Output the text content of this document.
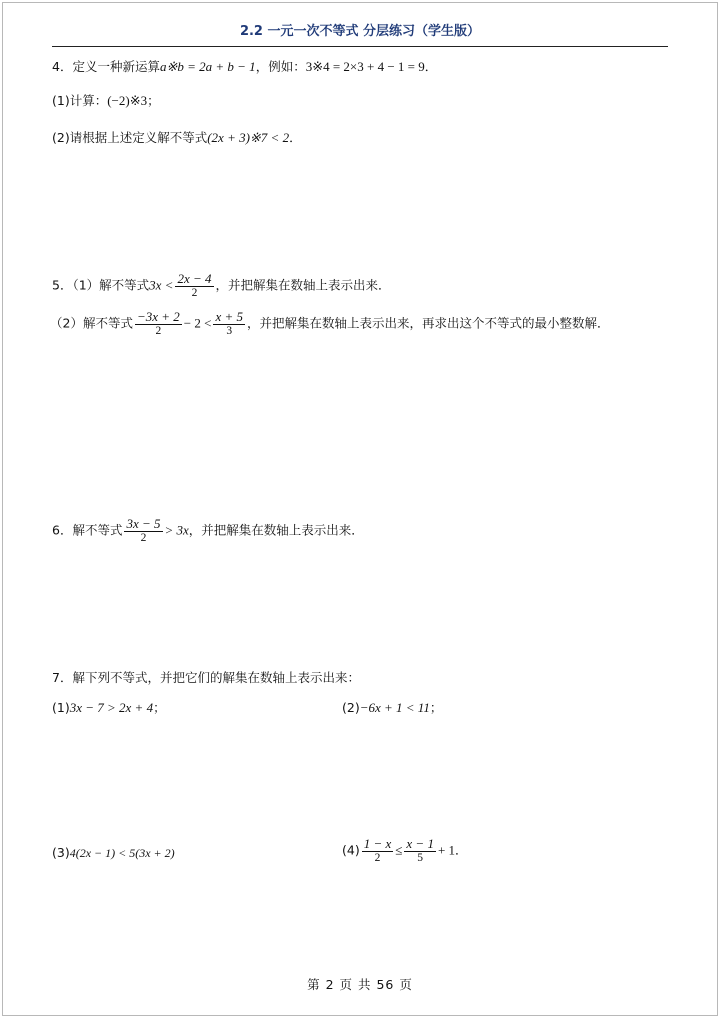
2.2 一元一次不等式 分层练习（学生版）
4．定义一种新运算a※b = 2a + b − 1，例如：3※4 = 2×3 + 4 − 1 = 9．
(1)计算：(−2)※3；
(2)请根据上述定义解不等式(2x + 3)※7 < 2．
5．（1）解不等式$3x < \frac{2x - 4}{2}$ ，并把解集在数轴上表示出来．
（2）解不等式 $\frac{-3x + 2}{2} - 2 < \frac{x + 5}{3}$ ，并把解集在数轴上表示出来，再求出这个不等式的最小整数解．
6．解不等式 $\frac{3x - 5}{2} > 3x$，并把解集在数轴上表示出来．
7．解下列不等式，并把它们的解集在数轴上表示出来：
(1)3x − 7 > 2x + 4；	(2)−6x + 1 < 11；
(3)4(2x − 1) < 5(3x + 2)	$(4) \frac{1 - x}{2} \le \frac{x - 1}{5} + 1$．
第 2 页 共 56 页
